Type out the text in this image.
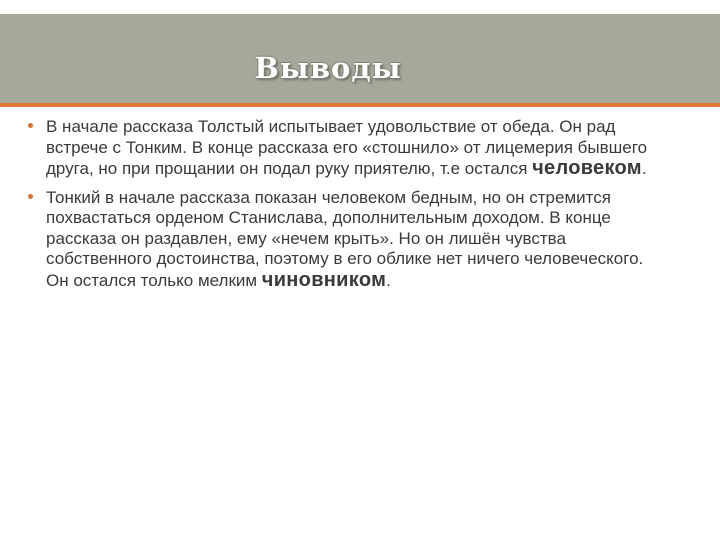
Выводы
В начале рассказа Толстый испытывает удовольствие от обеда. Он рад встрече с Тонким. В конце рассказа его «стошнило» от лицемерия бывшего друга, но при прощании он подал руку приятелю, т.е остался человеком.
Тонкий в начале рассказа показан человеком бедным, но он стремится похвастаться орденом Станислава, дополнительным доходом. В конце рассказа он раздавлен, ему «нечем крыть». Но он лишён чувства собственного достоинства, поэтому в его облике нет ничего человеческого. Он остался только мелким чиновником.
